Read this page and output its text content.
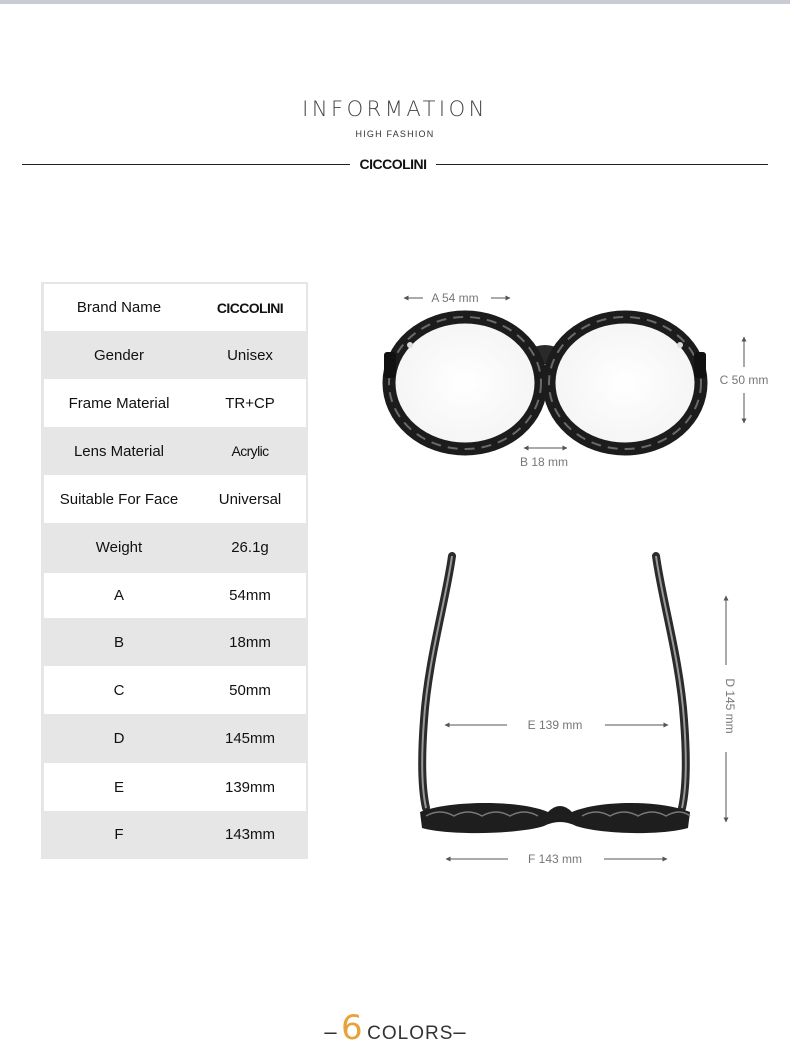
INFORMATION
HIGH FASHION
CICCOLINI
Brand Name	CICCOLINI
Gender	Unisex
Frame Material	TR+CP
Lens Material	Acrylic
Suitable For Face	Universal
Weight	26.1g
A	54mm
B	18mm
C	50mm
D	145mm
E	139mm
F	143mm
A 54 mm
B 18 mm
C 50 mm
D 145 mm
E 139 mm
F 143 mm
– 6 COLORS–
